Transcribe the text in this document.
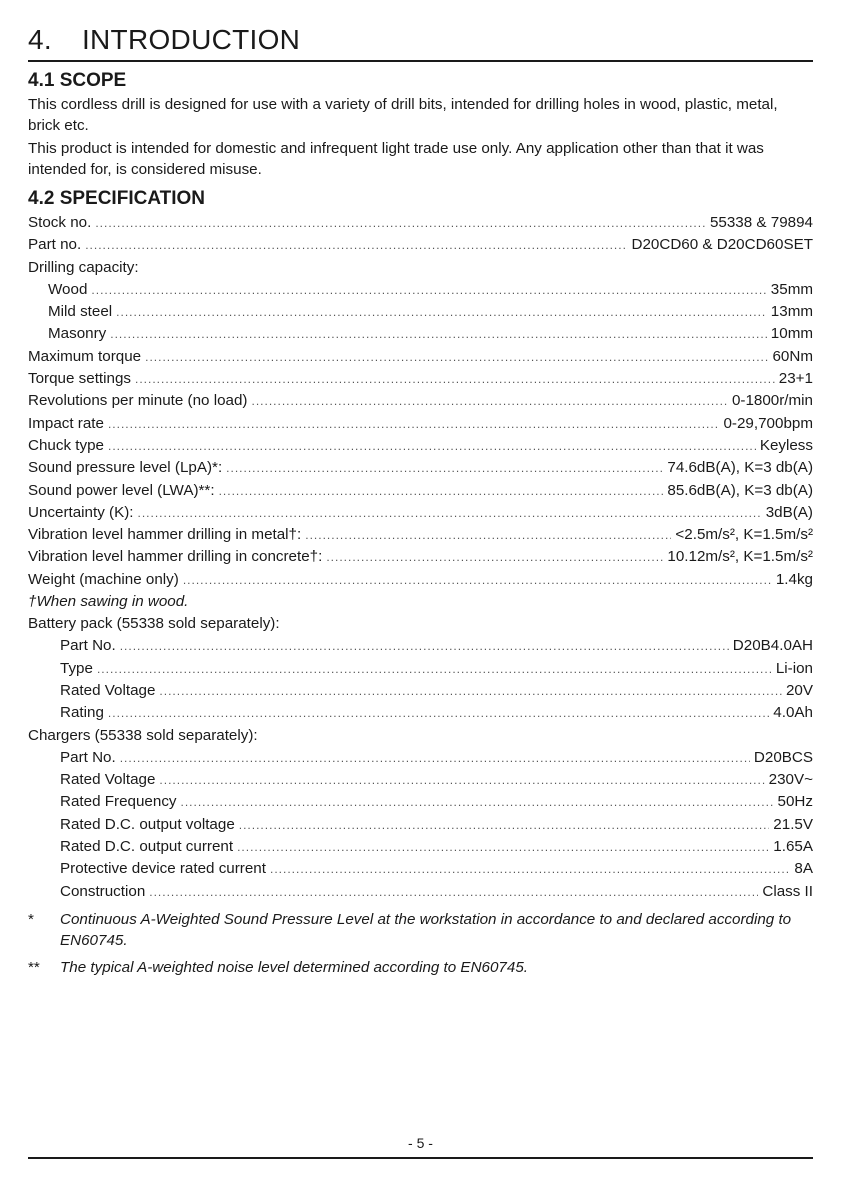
4. INTRODUCTION
4.1 SCOPE

This cordless drill is designed for use with a variety of drill bits, intended for drilling holes in wood, plastic, metal, brick etc.

This product is intended for domestic and infrequent light trade use only. Any application other than that it was intended for, is considered misuse.

4.2 SPECIFICATION
Stock no. .....	55338 & 79894
Part no. .....	D20CD60 & D20CD60SET
Drilling capacity:
Wood .....	35mm
Mild steel .....	13mm
Masonry .....	10mm
Maximum torque .....	60Nm
Torque settings .....	23+1
Revolutions per minute (no load) .....	0-1800r/min
Impact rate .....	0-29,700bpm
Chuck type .....	Keyless
Sound pressure level (LpA)*: .....	74.6dB(A), K=3 db(A)
Sound power level (LWA)**: .....	85.6dB(A), K=3 db(A)
Uncertainty (K): .....	3dB(A)
Vibration level hammer drilling in metal†: .....	<2.5m/s², K=1.5m/s²
Vibration level hammer drilling in concrete†: .....	10.12m/s², K=1.5m/s²
Weight (machine only) .....	1.4kg
†When sawing in wood.
Battery pack (55338 sold separately):
Part No. .....	D20B4.0AH
Type .....	Li-ion
Rated Voltage .....	20V
Rating .....	4.0Ah
Chargers (55338 sold separately):
Part No. .....	D20BCS
Rated Voltage .....	230V~
Rated Frequency .....	50Hz
Rated D.C. output voltage .....	21.5V
Rated D.C. output current .....	1.65A
Protective device rated current .....	8A
Construction .....	Class II
*	Continuous A-Weighted Sound Pressure Level at the workstation in accordance to and declared according to EN60745.
**	The typical A-weighted noise level determined according to EN60745.
- 5 -
